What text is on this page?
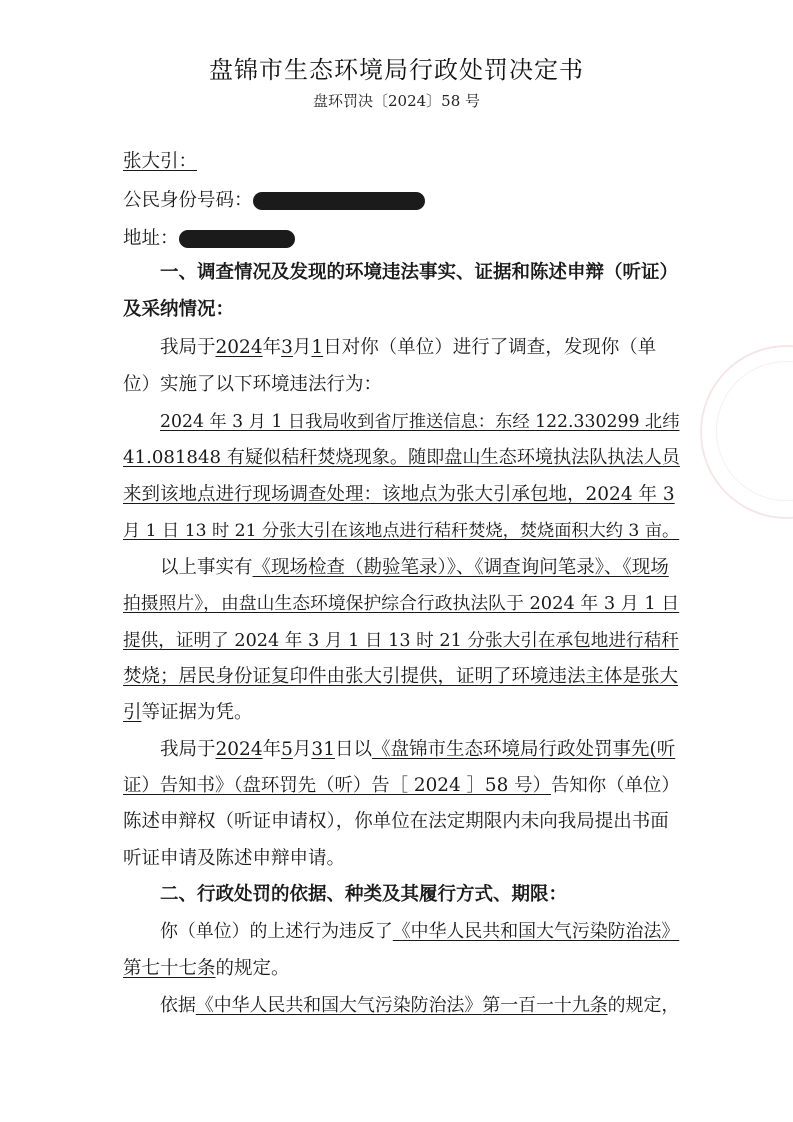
盘锦市生态环境局行政处罚决定书
盘环罚决〔2024〕58 号
张大引：
公民身份号码：
地址：
一、调查情况及发现的环境违法事实、证据和陈述申辩（听证）
及采纳情况：
我局于2024年3月1日对你（单位）进行了调查，发现你（单
位）实施了以下环境违法行为：
2024 年 3 月 1 日我局收到省厅推送信息：东经 122.330299 北纬
41.081848 有疑似秸秆焚烧现象。随即盘山生态环境执法队执法人员
来到该地点进行现场调查处理：该地点为张大引承包地，2024 年 3
月 1 日 13 时 21 分张大引在该地点进行秸秆焚烧，焚烧面积大约 3 亩。
以上事实有《现场检查（勘验笔录）》、《调查询问笔录》、《现场
拍摄照片》，由盘山生态环境保护综合行政执法队于 2024 年 3 月 1 日
提供，证明了 2024 年 3 月 1 日 13 时 21 分张大引在承包地进行秸秆
焚烧；居民身份证复印件由张大引提供，证明了环境违法主体是张大
引等证据为凭。
我局于2024年5月31日以《盘锦市生态环境局行政处罚事先(听
证）告知书》（盘环罚先（听）告［ 2024 ］58 号）告知你（单位）
陈述申辩权（听证申请权），你单位在法定期限内未向我局提出书面
听证申请及陈述申辩申请。
二、行政处罚的依据、种类及其履行方式、期限：
你（单位）的上述行为违反了《中华人民共和国大气污染防治法》
第七十七条的规定。
依据《中华人民共和国大气污染防治法》第一百一十九条的规定，
